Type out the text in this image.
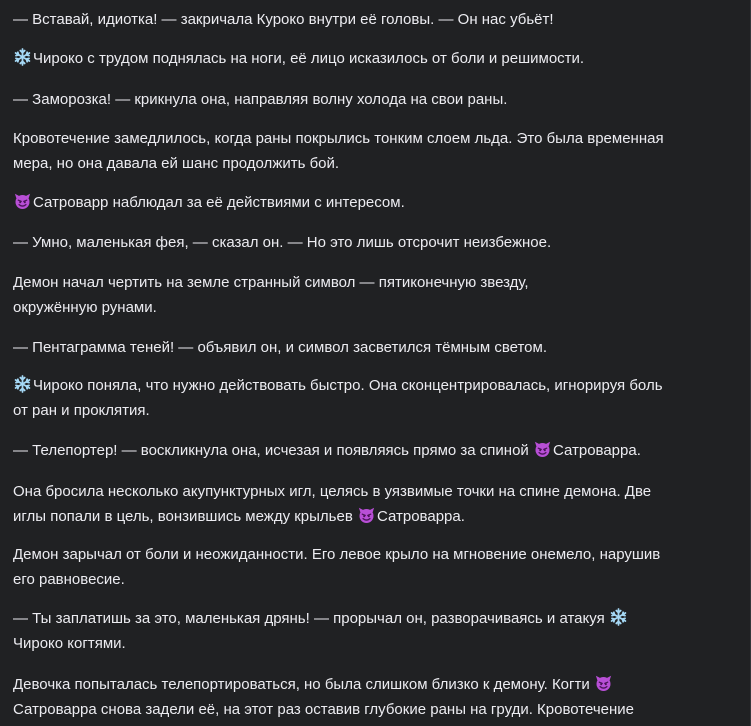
— Вставай, идиотка! — закричала Куроко внутри её головы. — Он нас убьёт!

Чироко с трудом поднялась на ноги, её лицо исказилось от боли и решимости.

— Заморозка! — крикнула она, направляя волну холода на свои раны.

Кровотечение замедлилось, когда раны покрылись тонким слоем льда. Это была временная
мера, но она давала ей шанс продолжить бой.

Сатроварр наблюдал за её действиями с интересом.

— Умно, маленькая фея, — сказал он. — Но это лишь отсрочит неизбежное.

Демон начал чертить на земле странный символ — пятиконечную звезду,
окружённую рунами.

— Пентаграмма теней! — объявил он, и символ засветился тёмным светом.

Чироко поняла, что нужно действовать быстро. Она сконцентрировалась, игнорируя боль
от ран и проклятия.

— Телепортер! — воскликнула она, исчезая и появляясь прямо за спиной
Сатроварра.

Она бросила несколько акупунктурных игл, целясь в уязвимые точки на спине демона. Две
иглы попали в цель, вонзившись между крыльев
Сатроварра.

Демон зарычал от боли и неожиданности. Его левое крыло на мгновение онемело, нарушив
его равновесие.

— Ты заплатишь за это, маленькая дрянь! — прорычал он, разворачиваясь и атакуя
Чироко когтями.

Девочка попыталась телепортироваться, но была слишком близко к демону. Когти
Сатроварра снова задели её, на этот раз оставив глубокие раны на груди. Кровотечение
